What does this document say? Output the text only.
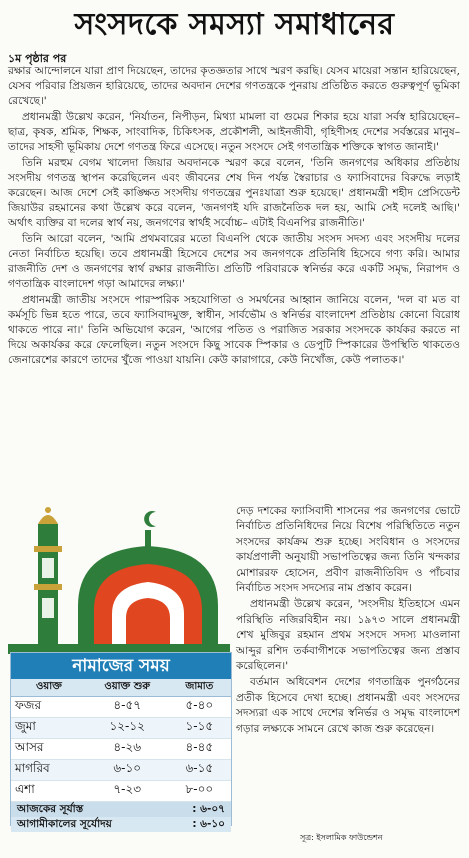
সংসদকে সমস্যা সমাধানের
১ম পৃষ্ঠার পর

রক্ষার আন্দোলনে যারা প্রাণ দিয়েছেন, তাদের কৃতজ্ঞতার সাথে স্মরণ করছি। যেসব মায়েরা সন্তান হারিয়েছেন, যেসব পরিবার প্রিয়জন হারিয়েছে, তাদের অবদান দেশের গণতন্ত্রকে পুনরায় প্রতিষ্ঠিত করতে গুরুত্বপূর্ণ ভূমিকা রেখেছে।'

প্রধানমন্ত্রী উল্লেখ করেন, 'নির্যাতন, নিপীড়ন, মিথ্যা মামলা বা গুমের শিকার হয়ে যারা সর্বস্ব হারিয়েছেন– ছাত্র, কৃষক, শ্রমিক, শিক্ষক, সাংবাদিক, চিকিৎসক, প্রকৌশলী, আইনজীবী, গৃহিণীসহ দেশের সর্বস্তরের মানুষ– তাদের সাহসী ভূমিকায় দেশে গণতন্ত্র ফিরে এসেছে। নতুন সংসদে সেই গণতান্ত্রিক শক্তিকে স্বাগত জানাই।'

তিনি মরহুম বেগম খালেদা জিয়ার অবদানকে স্মরণ করে বলেন, 'তিনি জনগণের অধিকার প্রতিষ্ঠায় সংসদীয় গণতন্ত্র স্থাপন করেছিলেন এবং জীবনের শেষ দিন পর্যন্ত স্বৈরাচার ও ফ্যাসিবাদের বিরুদ্ধে লড়াই করেছেন। আজ দেশে সেই কাঙ্ক্ষিত সংসদীয় গণতন্ত্রের পুনঃযাত্রা শুরু হয়েছে।' প্রধানমন্ত্রী শহীদ প্রেসিডেন্ট জিয়াউর রহমানের কথা উল্লেখ করে বলেন, 'জনগণই যদি রাজনৈতিক দল হয়, আমি সেই দলেই আছি।' অর্থাৎ ব্যক্তির বা দলের স্বার্থ নয়, জনগণের স্বার্থই সর্বোচ্চ– এটাই বিএনপির রাজনীতি।'

তিনি আরো বলেন, 'আমি প্রথমবারের মতো বিএনপি থেকে জাতীয় সংসদ সদস্য এবং সংসদীয় দলের নেতা নির্বাচিত হয়েছি। তবে প্রধানমন্ত্রী হিসেবে দেশের সব জনগণকে প্রতিনিধি হিসেবে গণ্য করি। আমার রাজনীতি দেশ ও জনগণের স্বার্থ রক্ষার রাজনীতি। প্রতিটি পরিবারকে স্বনির্ভর করে একটি সমৃদ্ধ, নিরাপদ ও গণতান্ত্রিক বাংলাদেশ গড়া আমাদের লক্ষ্য।'

প্রধানমন্ত্রী জাতীয় সংসদে পারস্পরিক সহযোগিতা ও সমর্থনের আহ্বান জানিয়ে বলেন, 'দল বা মত বা কর্মসূচি ভিন্ন হতে পারে, তবে ফ্যাসিবাদমুক্ত, স্বাধীন, সার্বভৌম ও স্বনির্ভর বাংলাদেশ প্রতিষ্ঠায় কোনো বিরোধ থাকতে পারে না।' তিনি অভিযোগ করেন, 'আগের পতিত ও পরাজিত সরকার সংসদকে কার্যকর করতে না দিয়ে অকার্যকর করে ফেলেছিল। নতুন সংসদে কিছু সাবেক স্পিকার ও ডেপুটি স্পিকারের উপস্থিতি থাকতেও জেনারেশের কারণে তাদের খুঁজে পাওয়া যায়নি। কেউ কারাগারে, কেউ নিখোঁজ, কেউ পলাতক।'

নামাজের সময়
ওয়াক্ত	ওয়াক্ত শুরু	জামাত
ফজর	৪-৫৭	৫-৪০
জুমা	১২-১২	১-১৫
আসর	৪-২৬	৪-৪৫
মাগরিব	৬-১০	৬-১৫
এশা	৭-২৩	৮-০০
আজকের সূর্যাস্ত	: ৬-০৭
আগামীকালের সূর্যোদয়	: ৬-১০

দেড় দশকের ফ্যাসিবাদী শাসনের পর জনগণের ভোটে নির্বাচিত প্রতিনিধিদের নিয়ে বিশেষ পরিস্থিতিতে নতুন সংসদের কার্যক্রম শুরু হচ্ছে। সংবিধান ও সংসদের কার্যপ্রণালী অনুযায়ী সভাপতিত্বের জন্য তিনি খন্দকার মোশাররফ হোসেন, প্রবীণ রাজনীতিবিদ ও পাঁচবার নির্বাচিত সংসদ সদস্যের নাম প্রস্তাব করেন।

প্রধানমন্ত্রী উল্লেখ করেন, 'সংসদীয় ইতিহাসে এমন পরিস্থিতি নজিরবিহীন নয়। ১৯৭৩ সালে প্রধানমন্ত্রী শেখ মুজিবুর রহমান প্রথম সংসদে সদস্য মাওলানা আব্দুর রশিদ তর্কবাগীশকে সভাপতিত্বের জন্য প্রস্তাব করেছিলেন।'

বর্তমান অধিবেশন দেশের গণতান্ত্রিক পুনর্গঠনের প্রতীক হিসেবে দেখা হচ্ছে। প্রধানমন্ত্রী এবং সংসদের সদস্যরা এক সাথে দেশের স্বনির্ভর ও সমৃদ্ধ বাংলাদেশ গড়ার লক্ষ্যকে সামনে রেখে কাজ শুরু করেছেন।

সূত্র: ইসলামিক ফাউন্ডেশন
